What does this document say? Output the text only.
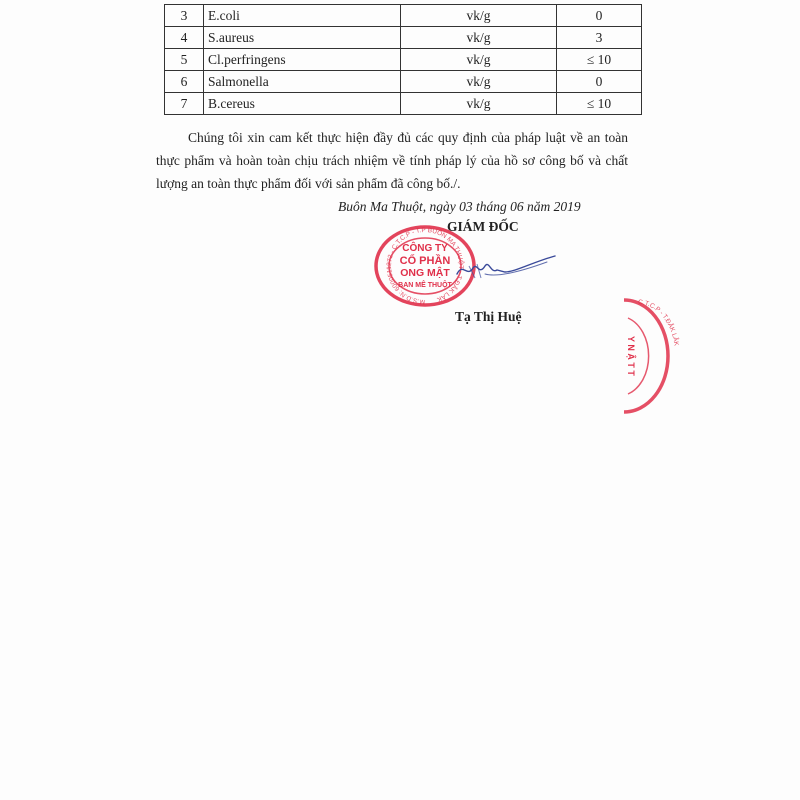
3	E.coli	vk/g	0
4	S.aureus	vk/g	3
5	Cl.perfringens	vk/g	≤ 10
6	Salmonella	vk/g	0
7	B.cereus	vk/g	≤ 10

Chúng tôi xin cam kết thực hiện đầy đủ các quy định của pháp luật về an toàn thực phẩm và hoàn toàn chịu trách nhiệm về tính pháp lý của hồ sơ công bố và chất lượng an toàn thực phẩm đối với sản phẩm đã công bố./.

Buôn Ma Thuột, ngày 03 tháng 06 năm 2019
M.S.D.N: 6000511272 - C.T.C.P - T.P BUÔN MA THUỘT - T.ĐẮK LẮK
CÔNG TY
CỔ PHẦN
ONG MẬT
BAN MÊ THUỘT
GIÁM ĐỐC
Tạ Thị Huệ
C.T.C.P - T.ĐẮK LẮK
Y N Ậ T T
